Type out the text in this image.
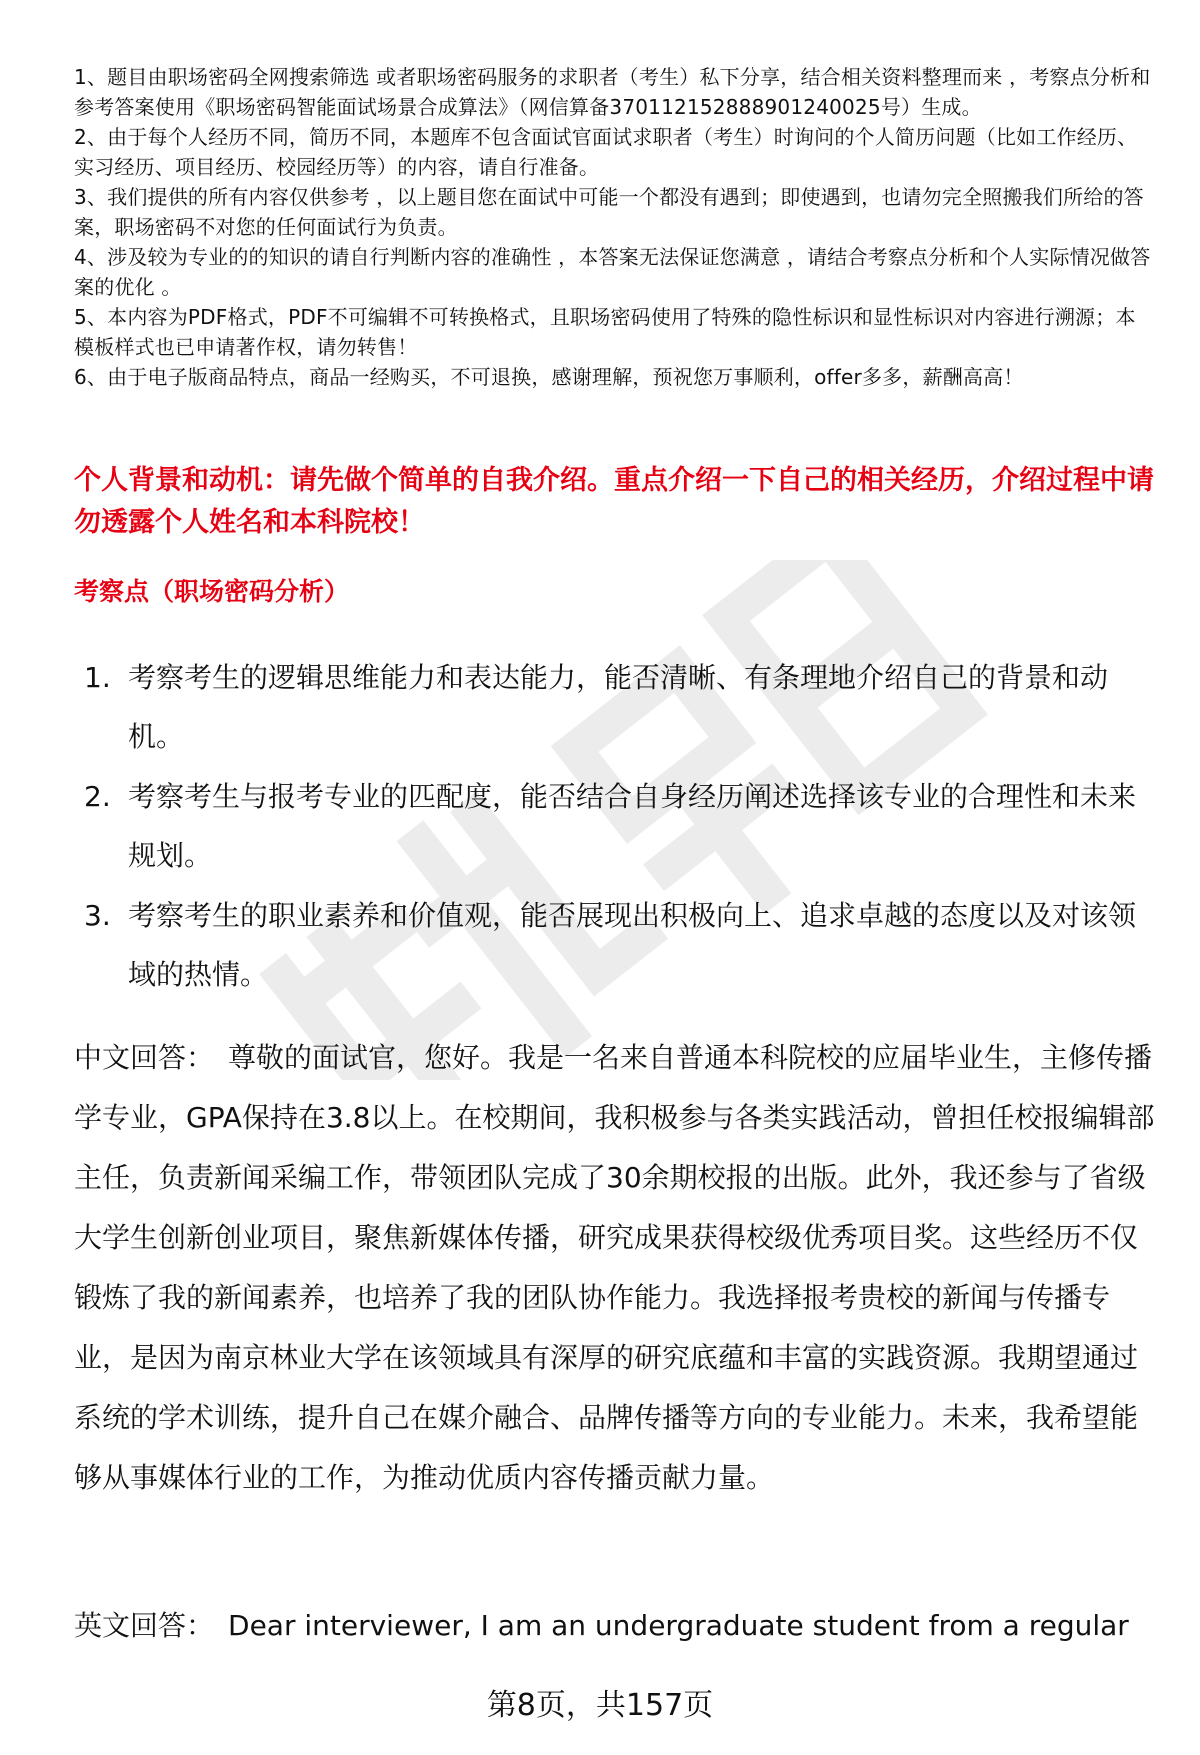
1、题目由职场密码全网搜索筛选 或者职场密码服务的求职者（考生）私下分享，结合相关资料整理而来 ，考察点分析和参考答案使用《职场密码智能面试场景合成算法》（网信算备370112152888901240025号）生成。

2、由于每个人经历不同，简历不同，本题库不包含面试官面试求职者（考生）时询问的个人简历问题（比如工作经历、实习经历、项目经历、校园经历等）的内容，请自行准备。

3、我们提供的所有内容仅供参考 ，以上题目您在面试中可能一个都没有遇到；即使遇到，也请勿完全照搬我们所给的答案，职场密码不对您的任何面试行为负责。

4、涉及较为专业的的知识的请自行判断内容的准确性 ，本答案无法保证您满意 ，请结合考察点分析和个人实际情况做答案的优化 。

5、本内容为PDF格式，PDF不可编辑不可转换格式，且职场密码使用了特殊的隐性标识和显性标识对内容进行溯源；本模板样式也已申请著作权，请勿转售！

6、由于电子版商品特点，商品一经购买，不可退换，感谢理解，预祝您万事顺利，offer多多，薪酬高高！

个人背景和动机：请先做个简单的自我介绍。重点介绍一下自己的相关经历，介绍过程中请勿透露个人姓名和本科院校！

考察点（职场密码分析）

1. 考察考生的逻辑思维能力和表达能力，能否清晰、有条理地介绍自己的背景和动机。
2. 考察考生与报考专业的匹配度，能否结合自身经历阐述选择该专业的合理性和未来规划。
3. 考察考生的职业素养和价值观，能否展现出积极向上、追求卓越的态度以及对该领域的热情。

中文回答： 尊敬的面试官，您好。我是一名来自普通本科院校的应届毕业生，主修传播学专业，GPA保持在3.8以上。在校期间，我积极参与各类实践活动，曾担任校报编辑部主任，负责新闻采编工作，带领团队完成了30余期校报的出版。此外，我还参与了省级大学生创新创业项目，聚焦新媒体传播，研究成果获得校级优秀项目奖。这些经历不仅锻炼了我的新闻素养，也培养了我的团队协作能力。我选择报考贵校的新闻与传播专业，是因为南京林业大学在该领域具有深厚的研究底蕴和丰富的实践资源。我期望通过系统的学术训练，提升自己在媒介融合、品牌传播等方向的专业能力。未来，我希望能够从事媒体行业的工作，为推动优质内容传播贡献力量。

英文回答： Dear interviewer, I am an undergraduate student from a regular

第8页，共157页
